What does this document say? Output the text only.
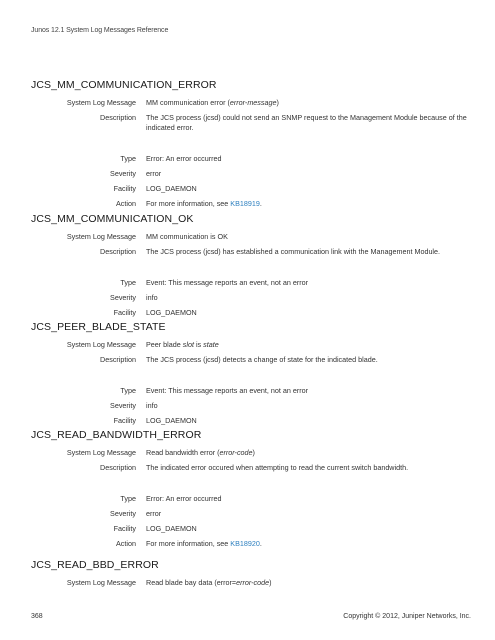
Junos 12.1 System Log Messages Reference
JCS_MM_COMMUNICATION_ERROR
System Log Message MM communication error (error-message)
Description The JCS process (jcsd) could not send an SNMP request to the Management Module because of the indicated error.
Type Error: An error occurred
Severity error
Facility LOG_DAEMON
Action For more information, see KB18919.
JCS_MM_COMMUNICATION_OK
System Log Message MM communication is OK
Description The JCS process (jcsd) has established a communication link with the Management Module.
Type Event: This message reports an event, not an error
Severity info
Facility LOG_DAEMON
JCS_PEER_BLADE_STATE
System Log Message Peer blade slot is state
Description The JCS process (jcsd) detects a change of state for the indicated blade.
Type Event: This message reports an event, not an error
Severity info
Facility LOG_DAEMON
JCS_READ_BANDWIDTH_ERROR
System Log Message Read bandwidth error (error-code)
Description The indicated error occured when attempting to read the current switch bandwidth.
Type Error: An error occurred
Severity error
Facility LOG_DAEMON
Action For more information, see KB18920.
JCS_READ_BBD_ERROR
System Log Message Read blade bay data (error=error-code)
368	Copyright © 2012, Juniper Networks, Inc.
